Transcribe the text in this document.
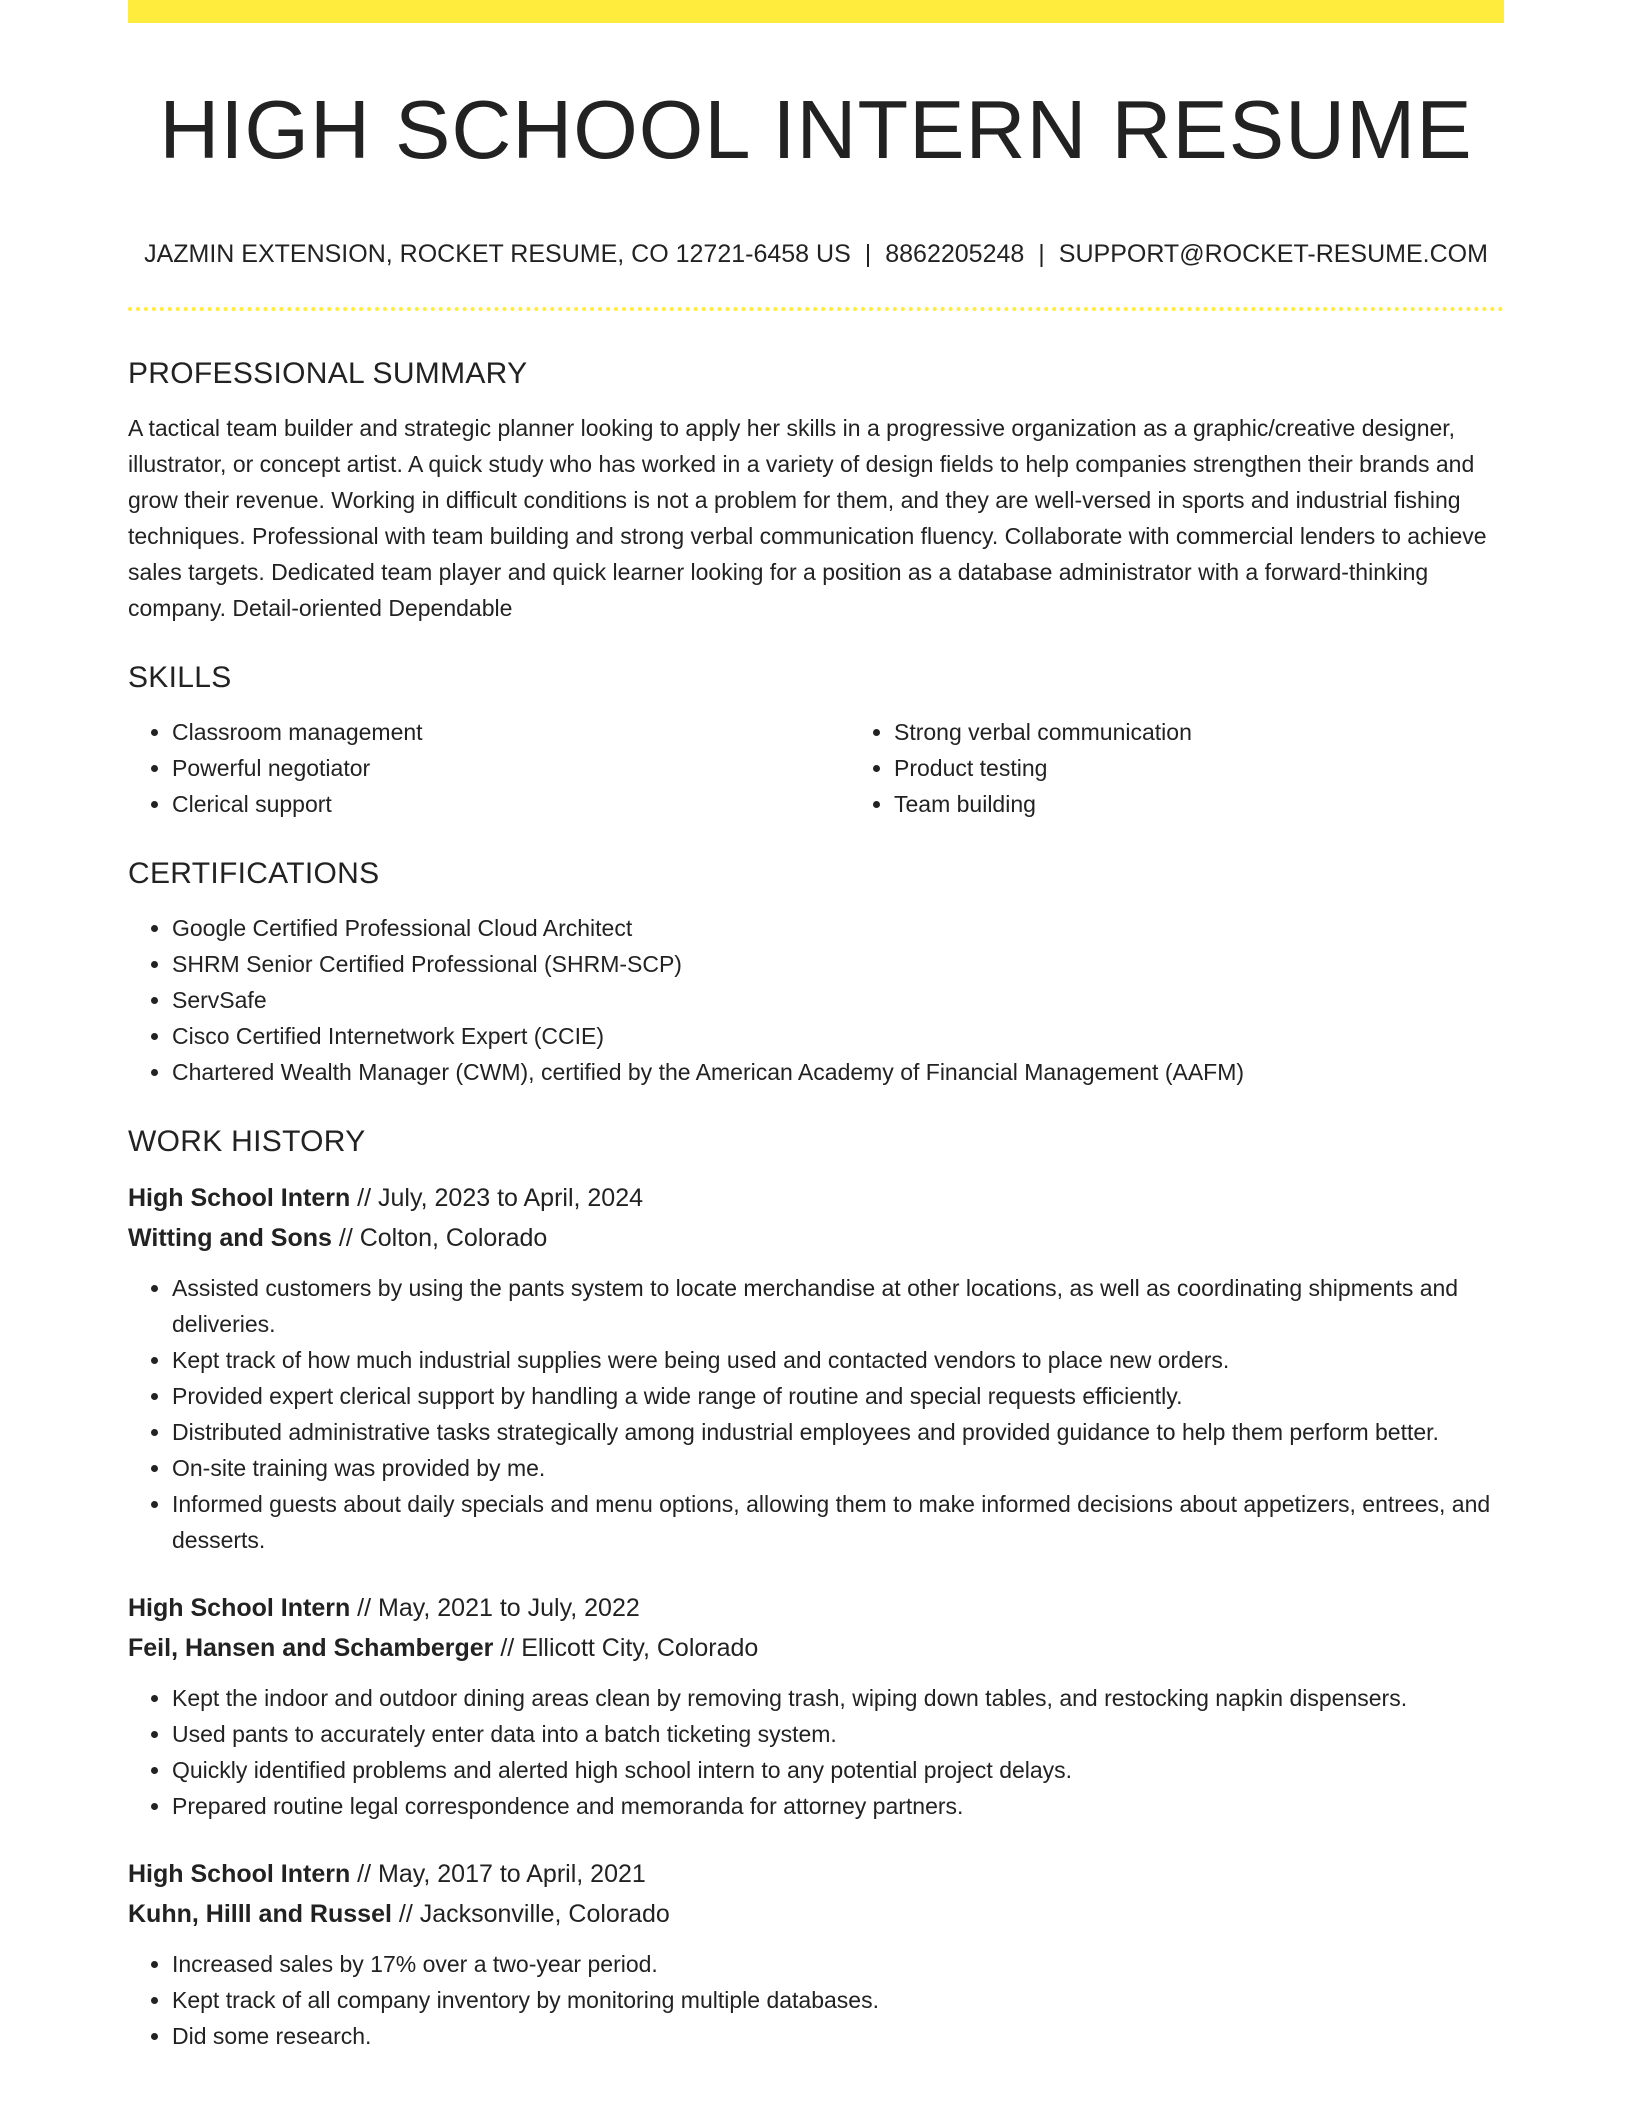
HIGH SCHOOL INTERN RESUME
JAZMIN EXTENSION, ROCKET RESUME, CO 12721-6458 US | 8862205248 | SUPPORT@ROCKET-RESUME.COM
PROFESSIONAL SUMMARY

A tactical team builder and strategic planner looking to apply her skills in a progressive organization as a graphic/creative designer, illustrator, or concept artist. A quick study who has worked in a variety of design fields to help companies strengthen their brands and grow their revenue. Working in difficult conditions is not a problem for them, and they are well-versed in sports and industrial fishing techniques. Professional with team building and strong verbal communication fluency. Collaborate with commercial lenders to achieve sales targets. Dedicated team player and quick learner looking for a position as a database administrator with a forward-thinking company. Detail-oriented Dependable

SKILLS
• Classroom management
• Powerful negotiator
• Clerical support
• Strong verbal communication
• Product testing
• Team building
CERTIFICATIONS
• Google Certified Professional Cloud Architect
• SHRM Senior Certified Professional (SHRM-SCP)
• ServSafe
• Cisco Certified Internetwork Expert (CCIE)
• Chartered Wealth Manager (CWM), certified by the American Academy of Financial Management (AAFM)
WORK HISTORY
High School Intern // July, 2023 to April, 2024
Witting and Sons // Colton, Colorado
• Assisted customers by using the pants system to locate merchandise at other locations, as well as coordinating shipments and deliveries.
• Kept track of how much industrial supplies were being used and contacted vendors to place new orders.
• Provided expert clerical support by handling a wide range of routine and special requests efficiently.
• Distributed administrative tasks strategically among industrial employees and provided guidance to help them perform better.
• On-site training was provided by me.
• Informed guests about daily specials and menu options, allowing them to make informed decisions about appetizers, entrees, and desserts.
High School Intern // May, 2021 to July, 2022
Feil, Hansen and Schamberger // Ellicott City, Colorado
• Kept the indoor and outdoor dining areas clean by removing trash, wiping down tables, and restocking napkin dispensers.
• Used pants to accurately enter data into a batch ticketing system.
• Quickly identified problems and alerted high school intern to any potential project delays.
• Prepared routine legal correspondence and memoranda for attorney partners.
High School Intern // May, 2017 to April, 2021
Kuhn, Hilll and Russel // Jacksonville, Colorado
• Increased sales by 17% over a two-year period.
• Kept track of all company inventory by monitoring multiple databases.
• Did some research.
